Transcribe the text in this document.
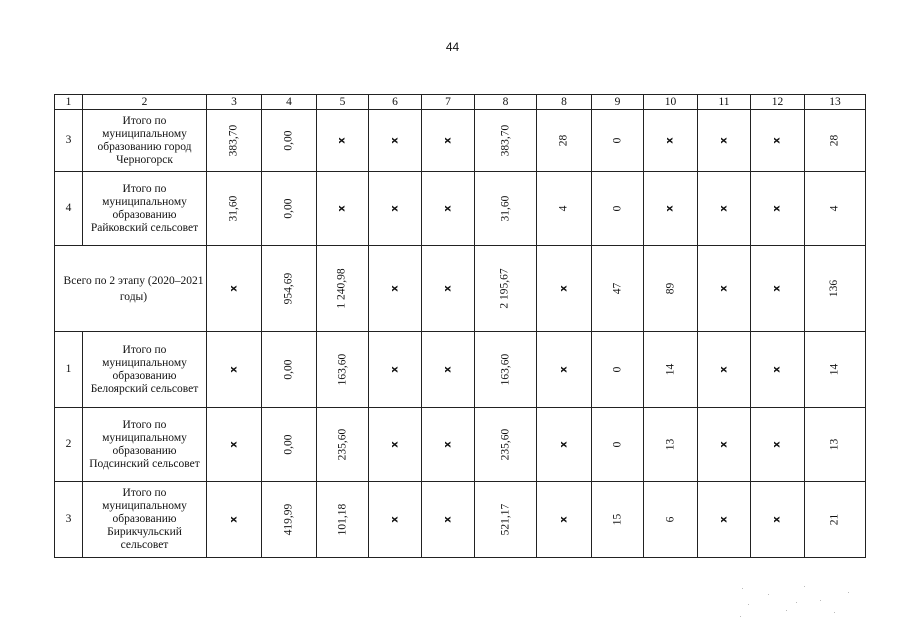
44
1	2	3	4	5	6	7	8	8	9	10	11	12	13
3	Итого по муниципальному образованию город Черногорск	383,70	0,00	x	x	x	383,70	28	0	x	x	x	28
4	Итого по муниципальному образованию Райковский сельсовет	31,60	0,00	x	x	x	31,60	4	0	x	x	x	4
Всего по 2 этапу (2020–2021 годы)		x	954,69	1 240,98	x	x	2 195,67	x	47	89	x	x	136
1	Итого по муниципальному образованию Белоярский сельсовет	x	0,00	163,60	x	x	163,60	x	0	14	x	x	14
2	Итого по муниципальному образованию Подсинский сельсовет	x	0,00	235,60	x	x	235,60	x	0	13	x	x	13
3	Итого по муниципальному образованию Бирикчульский сельсовет	x	419,99	101,18	x	x	521,17	x	15	6	x	x	21
